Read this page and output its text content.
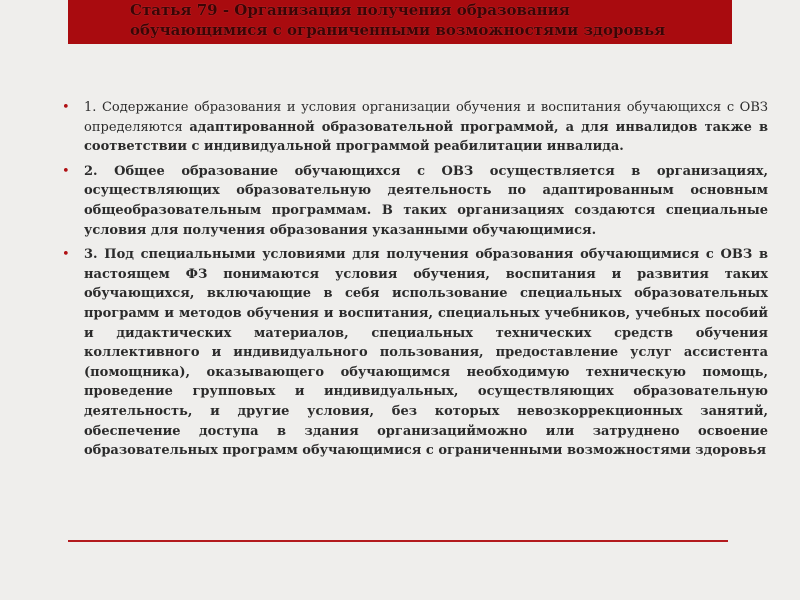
Статья 79 - Организация получения образования
обучающимися с ограниченными возможностями здоровья
• 1. Содержание образования и условия организации обучения и воспитания обучающихся с ОВЗ определяются адаптированной образовательной программой, а для инвалидов также в соответствии с индивидуальной программой реабилитации инвалида.
• 2. Общее образование обучающихся с ОВЗ осуществляется в организациях, осуществляющих образовательную деятельность по адаптированным основным общеобразовательным программам. В таких организациях создаются специальные условия для получения образования указанными обучающимися.
• 3. Под специальными условиями для получения образования обучающимися с ОВЗ в настоящем ФЗ понимаются условия обучения, воспитания и развития таких обучающихся, включающие в себя использование специальных образовательных программ и методов обучения и воспитания, специальных учебников, учебных пособий и дидактических материалов, специальных технических средств обучения коллективного и индивидуального пользования, предоставление услуг ассистента (помощника), оказывающего обучающимся необходимую техническую помощь, проведение групповых и индивидуальных, осуществляющих образовательную деятельность, и другие условия, без которых невозкоррекционных занятий, обеспечение доступа в здания организацийможно или затруднено освоение образовательных программ обучающимися с ограниченными возможностями здоровья
